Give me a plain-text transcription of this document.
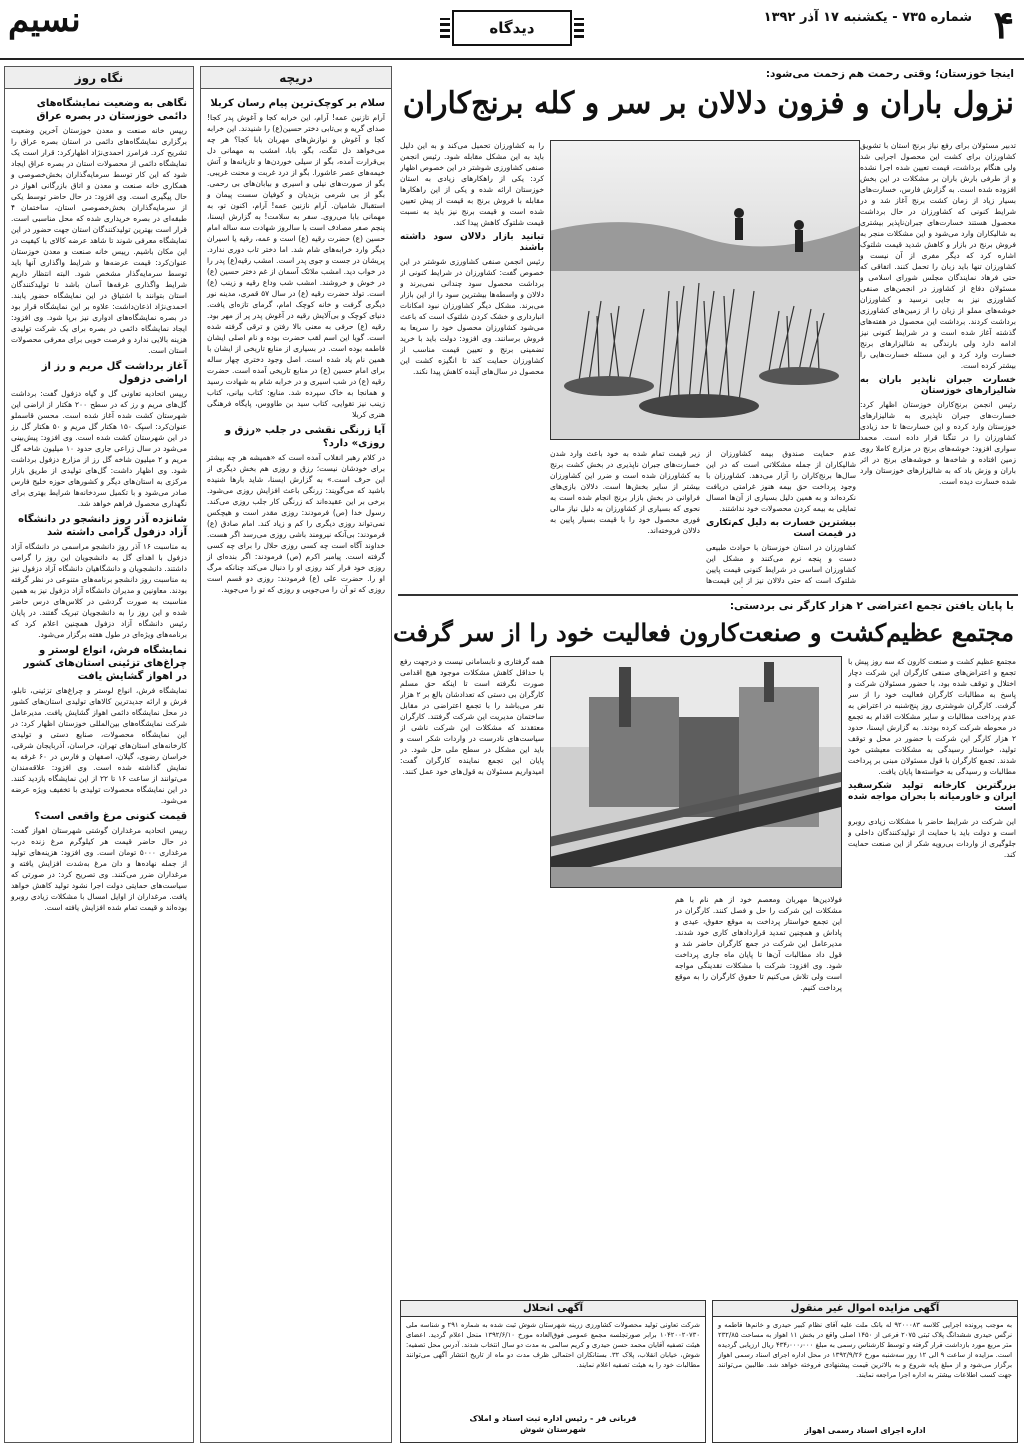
۴
شماره ۷۳۵ - یکشنبه ۱۷ آذر ۱۳۹۲
دیدگاه
نسیم
نگاه روز
نگاهی به وضعیت نمایشگاه‌های دائمی خوزستان در بصره عراق

رییس خانه صنعت و معدن خوزستان آخرین وضعیت برگزاری نمایشگاه‌های دائمی در استان بصره عراق را تشریح کرد. فرامرز احمدی‌نژاد اظهارکرد: قرار است یک نمایشگاه دائمی از محصولات استان در بصره عراق ایجاد شود که این کار توسط سرمایه‌گذاران بخش‌خصوصی و همکاری خانه صنعت و معدن و اتاق بازرگانی اهواز در حال پیگیری است. وی افزود: در حال حاضر توسط یکی از سرمایه‌گذاران بخش‌خصوصی استان، ساختمان ۴ طبقه‌ای در بصره خریداری شده که محل مناسبی است. قرار است بهترین تولیدکنندگان استان جهت حضور در این نمایشگاه معرفی شوند تا شاهد عرضه کالای با کیفیت در این مکان باشیم. رییس خانه صنعت و معدن خوزستان عنوان‌کرد: قیمت عرضه‌ها و شرایط واگذاری آنها باید توسط سرمایه‌گذار مشخص شود. البته انتظار داریم شرایط واگذاری غرفه‌ها آسان باشد تا تولیدکنندگان استان بتوانند با اشتیاق در این نمایشگاه حضور یابند. احمدی‌نژاد اذعان‌داشت: علاوه بر این نمایشگاه قرار بود در بصره نمایشگاه‌های ادواری نیز برپا شود. وی افزود: ایجاد نمایشگاه دائمی در بصره برای یک شرکت تولیدی هزینه بالایی ندارد و فرصت خوبی برای معرفی محصولات استان است.

آغاز برداشت گل مریم و رز از اراضی دزفول

رییس اتحادیه تعاونی گل و گیاه دزفول گفت: برداشت گل‌های مریم و رز که در سطح ۲۰۰ هکتار از اراضی این شهرستان کشت شده آغاز شده است. محسن قاسملو عنوان‌کرد: اسپک ۱۵۰ هکتار گل مریم و ۵۰ هکتار گل رز در این شهرستان کشت شده است. وی افزود: پیش‌بینی می‌شود در سال زراعی جاری حدود ۱۰ میلیون شاخه گل مریم و ۲ میلیون شاخه گل رز از مزارع دزفول برداشت شود. وی اظهار داشت: گل‌های تولیدی از طریق بازار مرکزی به استان‌های دیگر و کشورهای حوزه خلیج فارس صادر می‌شود و با تکمیل سردخانه‌ها شرایط بهتری برای نگهداری محصول فراهم خواهد شد.

شانزده آذر روز دانشجو در دانشگاه آزاد دزفول گرامی داشته شد

به مناسبت ۱۶ آذر روز دانشجو مراسمی در دانشگاه آزاد دزفول با اهدای گل به دانشجویان این روز را گرامی داشتند. دانشجویان و دانشگاهیان دانشگاه آزاد دزفول نیز به مناسبت روز دانشجو برنامه‌های متنوعی در نظر گرفته بودند. معاونین و مدیران دانشگاه آزاد دزفول نیز به همین مناسبت به صورت گردشی در کلاس‌های درس حاضر شده و این روز را به دانشجویان تبریک گفتند. در پایان رئیس دانشگاه آزاد دزفول همچنین اعلام کرد که برنامه‌های ویژه‌ای در طول هفته برگزار می‌شود.

نمایشگاه فرش، انواع لوستر و چراغ‌های تزئینی استان‌های کشور در اهواز گشایش یافت

نمایشگاه فرش، انواع لوستر و چراغ‌های تزئینی، تابلو، فرش و ارائه جدیدترین کالاهای تولیدی استان‌های کشور در محل نمایشگاه دائمی اهواز گشایش یافت. مدیرعامل شرکت نمایشگاه‌های بین‌المللی خوزستان اظهار کرد: در این نمایشگاه محصولات، صنایع دستی و تولیدی کارخانه‌های استان‌های تهران، خراسان، آذربایجان شرقی، خراسان رضوی، گیلان، اصفهان و فارس در ۶۰ غرفه به نمایش گذاشته شده است. وی افزود: علاقه‌مندان می‌توانند از ساعت ۱۶ تا ۲۲ از این نمایشگاه بازدید کنند. در این نمایشگاه محصولات تولیدی با تخفیف ویژه عرضه می‌شود.

قیمت کنونی مرغ واقعی است؟

رییس اتحادیه مرغداران گوشتی شهرستان اهواز گفت: در حال حاضر قیمت هر کیلوگرم مرغ زنده درب مرغداری ۵۰۰۰ تومان است. وی افزود: هزینه‌های تولید از جمله نهاده‌ها و دان مرغ به‌شدت افزایش یافته و مرغداران ضرر می‌کنند. وی تصریح کرد: در صورتی که سیاست‌های حمایتی دولت اجرا نشود تولید کاهش خواهد یافت. مرغداران از اوایل امسال با مشکلات زیادی روبرو بوده‌اند و قیمت تمام شده افزایش یافته است.

دریچه
سلام بر کوچک‌ترین پیام رسان کربلا

آرام تازنین عمه! آرام، این خرابه کجا و آغوش پدر کجا! صدای گریه و بی‌تابی دختر حسین(ع) را شنیدند. این خرابه کجا و آغوش و نوازش‌های مهربان بابا کجا؟ هر چه می‌خواهد دل تنگت، بگو. بابا، امشب به مهمانی دل بی‌قرارت آمده، بگو از سیلی خوردن‌ها و تازیانه‌ها و آتش خیمه‌های عصر عاشورا. بگو از درد غربت و محنت غریبی. بگو از صورت‌های نیلی و اسیری و بیابان‌های بی رحمی. بگو از بی شرمی بزیدیان و کوفیان سست پیمان و استقبال شامیان. آرام نازنین عمه! آرام، اکنون تو، به مهمانی بابا می‌روی. سفر به سلامت! به گزارش ایسنا، پنجم صفر مصادف است با سالروز شهادت سه ساله امام حسین (ع) حضرت رقیه (ع) است و عمه، رقیه یا اسیران دیگر وارد خرابه‌های شام شد. اما دختر تاب دوری ندارد. پریشان در جست و جوی پدر است. امشب رقیه(ع) پدر را در خواب دید. امشب ملائک آسمان از غم دختر حسین (ع) در خوش و خروشند. امشب شب وداع رقیه و زینب (ع) است. تولد حضرت رقیه (ع) در سال ۵۷ قمری، مدینه نور دیگری گرفت و خانه کوچک امام، گرمای تازه‌ای یافت. دنیای کوچک و بی‌آلایش رقیه در آغوش پدر پر از مهر بود. رقیه (ع) حرفی به معنی بالا رفتن و ترقی گرفته شده است. گویا این اسم لقب حضرت بوده و نام اصلی ایشان فاطمه بوده است. در بسیاری از منابع تاریخی از ایشان با همین نام یاد شده است. اصل وجود دختری چهار ساله برای امام حسین (ع) در منابع تاریخی آمده است. حضرت رقیه (ع) در شب اسیری و در خرابه شام به شهادت رسید و همانجا به خاک سپرده شد. منابع: کتاب بیانی، کتاب زینب نیز تقوایی، کتاب سید بن طاووس، پایگاه فرهنگی هنری کربلا

آیا زرنگی نقشی در جلب «رزق و روزی» دارد؟

در کلام رهبر انقلاب آمده است که «همیشه هر چه بیشتر برای خودشان نیست؛ رزق و روزی هم بخش دیگری از این حرف است.» به گزارش ایسنا، شاید بارها شنیده باشید که می‌گویند: زرنگی باعث افزایش روزی می‌شود. برخی بر این عقیده‌اند که زرنگی کار جلب روزی می‌کند. رسول خدا (ص) فرمودند: روزی مقدر است و هیچکس نمی‌تواند روزی دیگری را کم و زیاد کند. امام صادق (ع) فرمودند: بی‌آنکه نیرومند باشی روزی می‌رسد اگر هست. خداوند آگاه است چه کسی روزی حلال را برای چه کسی گرفته است. پیامبر اکرم (ص) فرمودند: اگر بنده‌ای از روزی خود فرار کند روزی او را دنبال می‌کند چنانکه مرگ او را. حضرت علی (ع) فرمودند: روزی دو قسم است روزی که تو آن را می‌جویی و روزی که تو را می‌جوید.

اینجا خوزستان؛ وقتی رحمت هم زحمت می‌شود:
نزول باران و فزون دلالان بر سر و کله برنج‌کاران

تدبیر مسئولان برای رفع نیاز برنج استان با تشویق کشاورزان برای کشت این محصول اجرایی شد ولی هنگام برداشت، قیمت تعیین شده اجرا نشده و از طرفی بارش باران بر مشکلات در این بخش افزوده شده است. به گزارش فارس، خسارت‌های بسیار زیاد از زمان کشت برنج آغاز شد و در شرایط کنونی که کشاورزان در حال برداشت محصول هستند خسارت‌های جبران‌ناپذیر بیشتری به شالیکاران وارد می‌شود و این مشکلات منجر به فروش برنج در بازار و کاهش شدید قیمت شلتوک اشاره کرد که دیگر مفری از آن نیست و کشاورزان تنها باید زبان را تحمل کنند. اتفاقی که حتی فرهاد نمایندگان مجلس شورای اسلامی و مسئولان دفاع از کشاورز در انجمن‌های صنفی کشاورزی نیز به جایی نرسید و کشاورزان خوشه‌های مملو از زبان را از زمین‌های کشاورزی برداشت کردند. برداشت این محصول در هفته‌های گذشته آغاز شده است و در شرایط کنونی نیز ادامه دارد ولی بارندگی به شالیزارهای برنج خسارت وارد کرد و این مسئله خسارت‌هایی را بیشتر کرده است.

خسارت جبران ناپذیر باران به شالیزارهای خوزستان

رئیس انجمن برنج‌کاران خوزستان اظهار کرد: خسارت‌های جبران ناپذیری به شالیزارهای خوزستان وارد کرده و این خسارت‌ها تا حد زیادی کشاورزان را در تنگنا قرار داده است. محمد سواری افزود: خوشه‌های برنج در مزارع کاملا روی زمین افتاده و شاخه‌ها و خوشه‌های برنج در اثر باران و وزش باد که به شالیزارهای خوزستان وارد شده خسارت دیده است.

عدم حمایت صندوق بیمه کشاورزان از شالیکاران از جمله مشکلاتی است که در این سال‌ها برنج‌کاران را آزار می‌دهد. کشاورزان با وجود پرداخت حق بیمه هنوز غرامتی دریافت نکرده‌اند و به همین دلیل بسیاری از آن‌ها امسال تمایلی به بیمه کردن محصولات خود نداشتند.

بیشترین خسارت به دلیل کم‌تکاری در قیمت است

کشاورزان در استان خوزستان با حوادث طبیعی دست و پنجه نرم می‌کنند و مشکل این کشاورزان اساسی در شرایط کنونی قیمت پایین شلتوک است که حتی دلالان نیز از این قیمت‌ها

زیر قیمت تمام شده به خود باعث وارد شدن خسارت‌های جبران ناپذیری در بخش کشت برنج به کشاورزان شده است و ضرر این کشاورزان بیشتر از سایر بخش‌ها است. دلالان بازی‌های فراوانی در بخش بازار برنج انجام شده است به نحوی که بسیاری از کشاورزان به دلیل نیاز مالی فوری محصول خود را با قیمت بسیار پایین به دلالان فروخته‌اند.

را به کشاورزان تحمیل می‌کند و به این دلیل باید به این مشکل مقابله شود. رئیس انجمن صنفی کشاورزی شوشتر در این خصوص اظهار کرد: یکی از راهکارهای زیادی به استان خوزستان ارائه شده و یکی از این راهکارها مقابله با فروش برنج به قیمت از پیش تعیین شده است و قیمت برنج نیز باید به نسبت قیمت شلتوک کاهش پیدا کند.

تبانید بازار دلالان سود داشته باشند

رئیس انجمن صنفی کشاورزی شوشتر در این خصوص گفت: کشاورزان در شرایط کنونی از برداشت محصول سود چندانی نمی‌برند و دلالان و واسطه‌ها بیشترین سود را از این بازار می‌برند. مشکل دیگر کشاورزان نبود امکانات انبارداری و خشک کردن شلتوک است که باعث می‌شود کشاورزان محصول خود را سریعا به فروش برسانند. وی افزود: دولت باید با خرید تضمینی برنج و تعیین قیمت مناسب از کشاورزان حمایت کند تا انگیزه کشت این محصول در سال‌های آینده کاهش پیدا نکند.

با پایان یافتن تجمع اعتراضی ۲ هزار کارگر نی بردستی:
مجتمع عظیم‌کشت و صنعت‌کارون فعالیت خود را از سر گرفت

مجتمع عظیم کشت و صنعت کارون که سه روز پیش با تجمع و اعتراض‌های صنفی کارگران این شرکت دچار اختلال و توقف شده بود، با حضور مسئولان شرکت و پاسخ به مطالبات کارگران فعالیت خود را از سر گرفت. کارگران شوشتری روز پنج‌شنبه در اعتراض به عدم پرداخت مطالبات و سایر مشکلات اقدام به تجمع در محوطه شرکت کرده بودند. به گزارش ایسنا، حدود ۲ هزار کارگر این شرکت با حضور در محل و توقف تولید، خواستار رسیدگی به مشکلات معیشتی خود شدند. تجمع کارگران با قول مسئولان مبنی بر پرداخت مطالبات و رسیدگی به خواسته‌ها پایان یافت.

بزرگترین کارخانه تولید شکرسفید ایران و خاورمیانه با بحران مواجه شده است

این شرکت در شرایط حاضر با مشکلات زیادی روبرو است و دولت باید با حمایت از تولیدکنندگان داخلی و جلوگیری از واردات بی‌رویه شکر از این صنعت حمایت کند.

فولادین‌ها مهربان ومعصم خود از هم نام با هم مشکلات این شرکت را حل و فصل کنند. کارگران در این تجمع خواستار پرداخت به موقع حقوق، عیدی و پاداش و همچنین تمدید قراردادهای کاری خود شدند. مدیرعامل این شرکت در جمع کارگران حاضر شد و قول داد مطالبات آن‌ها تا پایان ماه جاری پرداخت شود. وی افزود: شرکت با مشکلات نقدینگی مواجه است ولی تلاش می‌کنیم تا حقوق کارگران را به موقع پرداخت کنیم.

همه گرفتاری و نابسامانی نیست و درجهت رفع با حداقل کاهش مشکلات موجود هیچ اقدامی صورت نگرفته است تا اینکه حق مسلم کارگران بی دستی که تعدادشان بالغ بر ۲ هزار نفر می‌باشد را با تجمع اعتراضی در مقابل ساختمان مدیریت این شرکت گرفتند. کارگران معتقدند که مشکلات این شرکت ناشی از سیاست‌های نادرست در واردات شکر است و باید این مشکل در سطح ملی حل شود. در پایان این تجمع نماینده کارگران گفت: امیدواریم مسئولان به قول‌های خود عمل کنند.

آگهی مزایده اموال غیر منقول
به موجب پرونده اجرایی کلاسه ۹۲۰۰۰۸۳ له بانک ملت علیه آقای نظام کبیر حیدری و خانم‌ها فاطمه و نرگس حیدری ششدانگ پلاک ثبتی ۲۰۷۵ فرعی از ۱۴۵۰ اصلی واقع در بخش ۱۱ اهواز به مساحت ۲۳۲/۸۵ متر مربع مورد بازداشت قرار گرفته و توسط کارشناس رسمی به مبلغ ۴۳۴٫۰۰۰٫۰۰۰ ریال ارزیابی گردیده است. مزایده از ساعت ۹ الی ۱۲ روز سه‌شنبه مورخ ۱۳۹۲/۹/۲۶ در محل اداره اجرای اسناد رسمی اهواز برگزار می‌شود و از مبلغ پایه شروع و به بالاترین قیمت پیشنهادی فروخته خواهد شد. طالبین می‌توانند جهت کسب اطلاعات بیشتر به اداره اجرا مراجعه نمایند.
اداره اجرای اسناد رسمی اهواز
آگهی انحلال
شرکت تعاونی تولید محصولات کشاورزی زرینه شهرستان شوش ثبت شده به شماره ۲۹۱ و شناسه ملی ۱۰۴۲۰۰۲۰۷۳۰ برابر صورتجلسه مجمع عمومی فوق‌العاده مورخ ۱۳۹۲/۶/۱۰ منحل اعلام گردید. اعضای هیئت تصفیه آقایان محمد حسن حیدری و کریم سالمی به مدت دو سال انتخاب شدند. آدرس محل تصفیه: شوش، خیابان انقلاب، پلاک ۳۲. بستانکاران احتمالی ظرف مدت دو ماه از تاریخ انتشار آگهی می‌توانند مطالبات خود را به هیئت تصفیه اعلام نمایند.
قربانی فر - رئیس اداره ثبت اسناد و املاک
شهرستان شوش
